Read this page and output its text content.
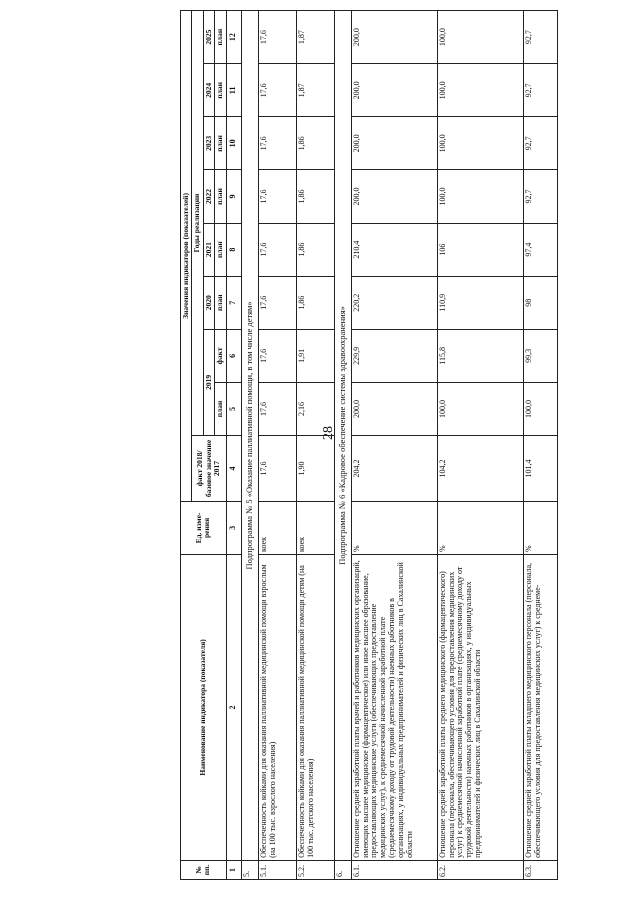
28
№ пп.	Наименование индикатора (показателя)	Ед. изме-рения	Значения индикаторов (показателей)								
			факт 2018/ базовое значение 2017	Годы реализации							
				2019		2020	2021	2022	2023	2024	2025
				план	факт	план	план	план	план	план	план
1	2	3	4	5	6	7	8	9	10	11	12
5.	Подпрограмма № 5 «Оказание паллиативной помощи, в том числе детям»										
5.1.	Обеспеченность койками для оказания паллиативной медицинской помощи взрослым (на 100 тыс. взрослого населения)	коек	17,6	17,6	17,6	17,6	17,6	17,6	17,6	17,6	17,6
5.2.	Обеспеченность койками для оказания паллиативной медицинской помощи детям (на 100 тыс. детского населения)	коек	1,90	2,16	1,91	1,86	1,86	1,86	1,86	1,87	1,87
6.	Подпрограмма № 6 «Кадровое обеспечение системы здравоохранения»										
6.1.	Отношение средней заработной платы врачей и работников медицинских организаций, имеющих высшее медицинское (фармацевтическое) или иное высшее образование, предоставляющих медицинские услуги (обеспечивающих предоставление медицинских услуг), к среднемесячной начисленной заработной плате (среднемесячному доходу от трудовой деятельности) наемных работников в организациях, у индивидуальных предпринимателей и физических лиц в Сахалинской области	%	204,2	200,0	229,9	220,2	210,4	200,0	200,0	200,0	200,0
6.2.	Отношение средней заработной платы среднего медицинского (фармацевтического) персонала (персонала, обеспечивающего условия для предоставления медицинских услуг) к среднемесячной начисленной заработной плате (среднемесячному доходу от трудовой деятельности) наемных работников в организациях, у индивидуальных предпринимателей и физических лиц в Сахалинской области	%	104,2	100,0	115,8	110,9	106	100,0	100,0	100,0	100,0
6.3.	Отношение средней заработной платы младшего медицинского персонала (персонала, обеспечивающего условия для предоставления медицинских услуг) к среднеме-	%	101,4	100,0	99,3	98	97,4	92,7	92,7	92,7	92,7
